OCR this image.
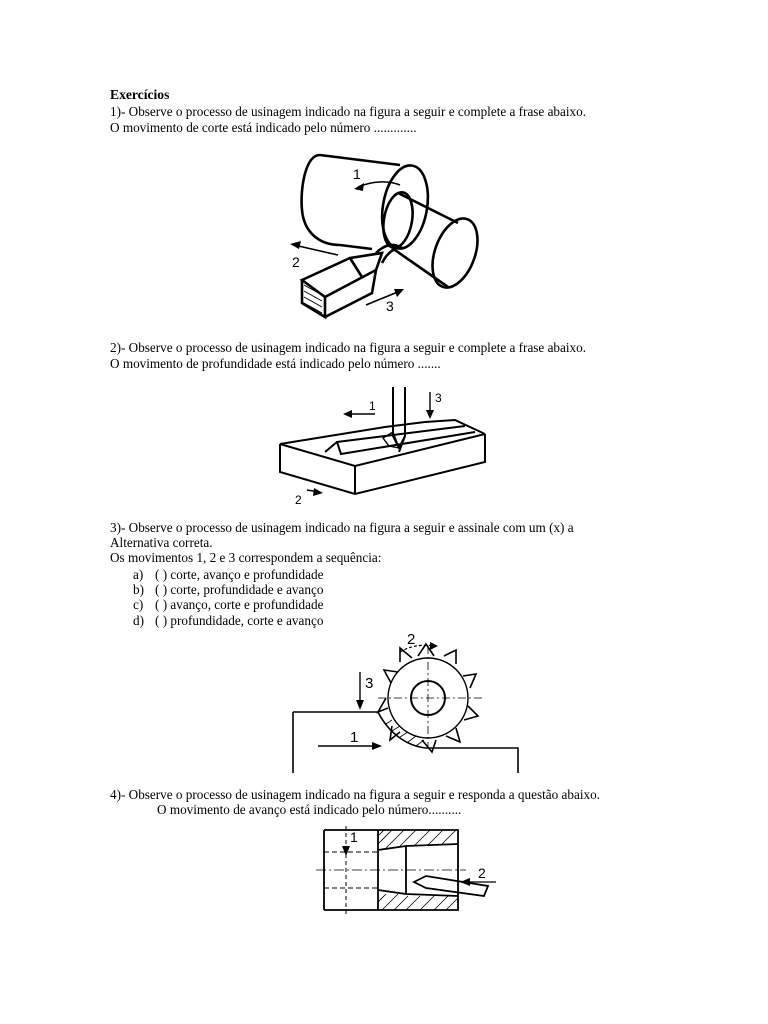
Exercícios
1)- Observe o processo de usinagem indicado na figura a seguir e complete a frase abaixo.
O movimento de corte está indicado pelo número .............
1
2
3
2)- Observe o processo de usinagem indicado na figura a seguir e complete a frase abaixo.
O movimento de profundidade está indicado pelo número .......
1
3
2
3)- Observe o processo de usinagem indicado na figura a seguir e assinale com um (x) a
Alternativa correta.
Os movimentos 1, 2 e 3 correspondem a sequência:
a) ( ) corte, avanço e profundidade
b) ( ) corte, profundidade e avanço
c) ( ) avanço, corte e profundidade
d) ( ) profundidade, corte e avanço
2
3
1
4)- Observe o processo de usinagem indicado na figura a seguir e responda a questão abaixo.
O movimento de avanço está indicado pelo número..........
1
2
